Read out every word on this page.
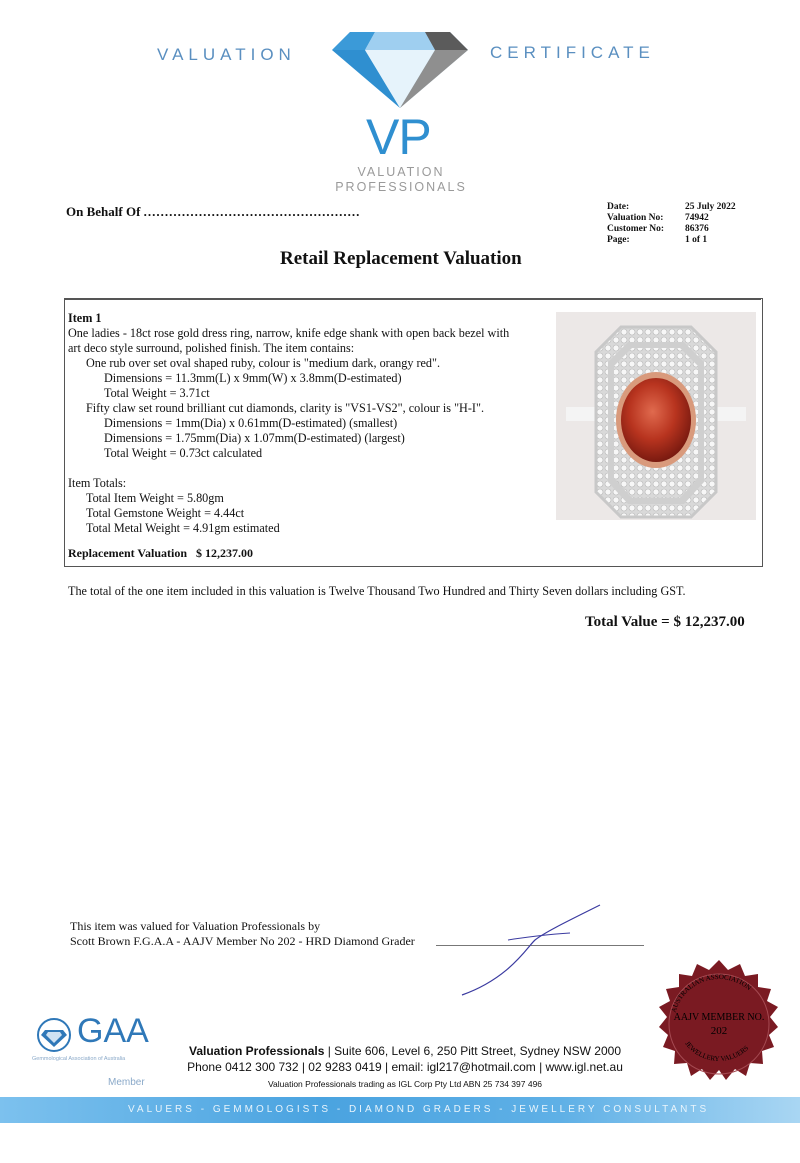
VALUATION	CERTIFICATE
VP
VALUATION
PROFESSIONALS
On Behalf Of ...................................................	Date:	25 July 2022
Valuation No:	74942
Customer No:	86376
Page:	1 of 1
Retail Replacement Valuation
Item 1
One ladies - 18ct rose gold dress ring, narrow, knife edge shank with open back bezel with
art deco style surround, polished finish. The item contains:
One rub over set oval shaped ruby, colour is "medium dark, orangy red".
Dimensions = 11.3mm(L) x 9mm(W) x 3.8mm(D-estimated)
Total Weight = 3.71ct
Fifty claw set round brilliant cut diamonds, clarity is "VS1-VS2", colour is "H-I".
Dimensions = 1mm(Dia) x 0.61mm(D-estimated) (smallest)
Dimensions = 1.75mm(Dia) x 1.07mm(D-estimated) (largest)
Total Weight = 0.73ct calculated
Item Totals:
Total Item Weight = 5.80gm
Total Gemstone Weight = 4.44ct
Total Metal Weight = 4.91gm estimated
Replacement Valuation $ 12,237.00
The total of the one item included in this valuation is Twelve Thousand Two Hundred and Thirty Seven dollars including GST.
Total Value = $ 12,237.00
This item was valued for Valuation Professionals by
Scott Brown F.G.A.A - AAJV Member No 202 - HRD Diamond Grader
AUSTRALIAN ASSOCIATION
JEWELLERY VALUERS
AAJV MEMBER NO.
202
GAA
Gemmological Association of Australia
Member
Valuation Professionals | Suite 606, Level 6, 250 Pitt Street, Sydney NSW 2000
Phone 0412 300 732 | 02 9283 0419 | email: igl217@hotmail.com | www.igl.net.au
Valuation Professionals trading as IGL Corp Pty Ltd ABN 25 734 397 496
VALUERS - GEMMOLOGISTS - DIAMOND GRADERS - JEWELLERY CONSULTANTS
